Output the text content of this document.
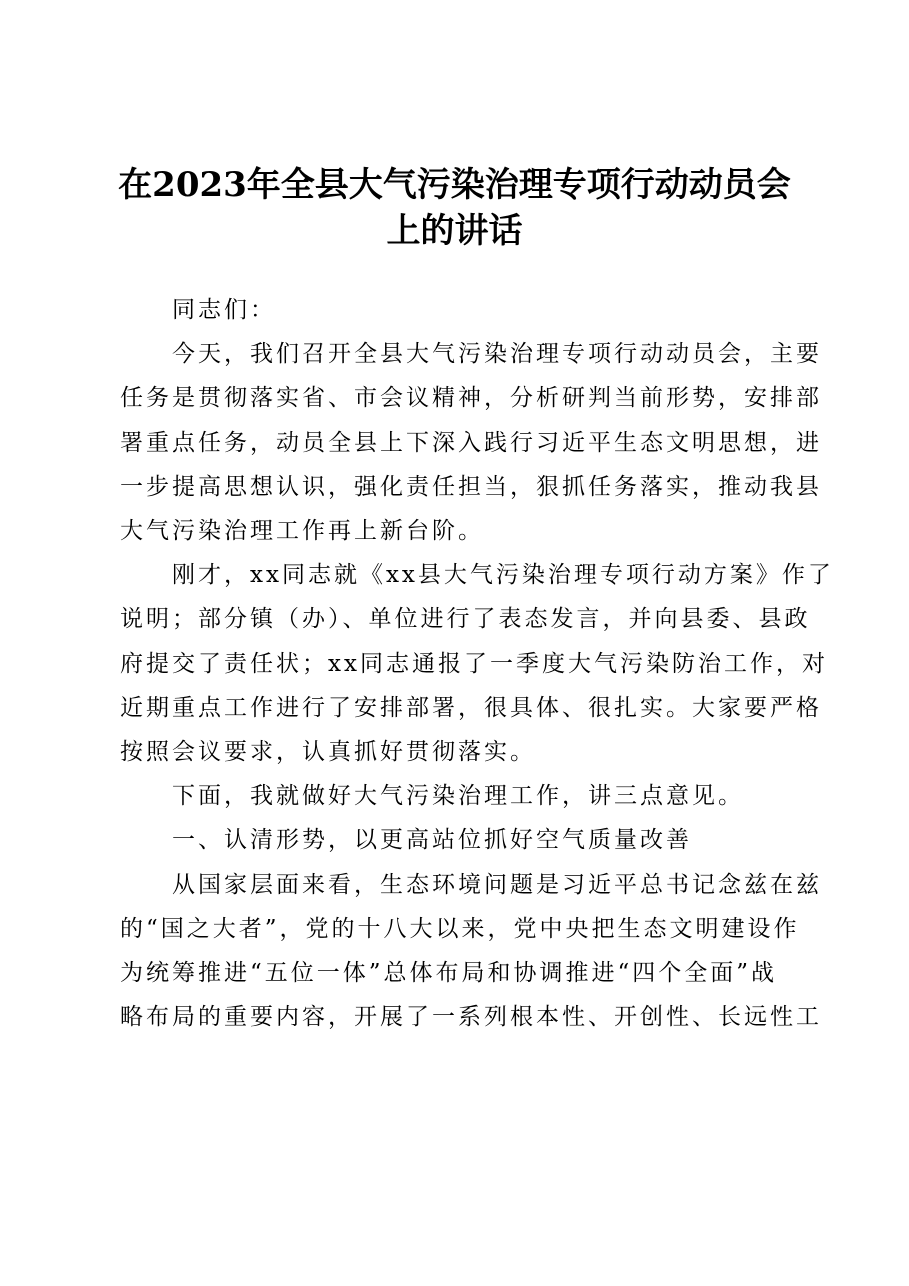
在2023年全县大气污染治理专项行动动员会
上的讲话

同志们：

今天，我们召开全县大气污染治理专项行动动员会，主要
任务是贯彻落实省、市会议精神，分析研判当前形势，安排部
署重点任务，动员全县上下深入践行习近平生态文明思想，进
一步提高思想认识，强化责任担当，狠抓任务落实，推动我县
大气污染治理工作再上新台阶。

刚才，xx同志就《xx县大气污染治理专项行动方案》作了
说明；部分镇（办）、单位进行了表态发言，并向县委、县政
府提交了责任状；xx同志通报了一季度大气污染防治工作，对
近期重点工作进行了安排部署，很具体、很扎实。大家要严格
按照会议要求，认真抓好贯彻落实。

下面，我就做好大气污染治理工作，讲三点意见。

一、认清形势，以更高站位抓好空气质量改善

从国家层面来看，生态环境问题是习近平总书记念兹在兹
的“国之大者”，党的十八大以来，党中央把生态文明建设作
为统筹推进“五位一体”总体布局和协调推进“四个全面”战
略布局的重要内容，开展了一系列根本性、开创性、长远性工
